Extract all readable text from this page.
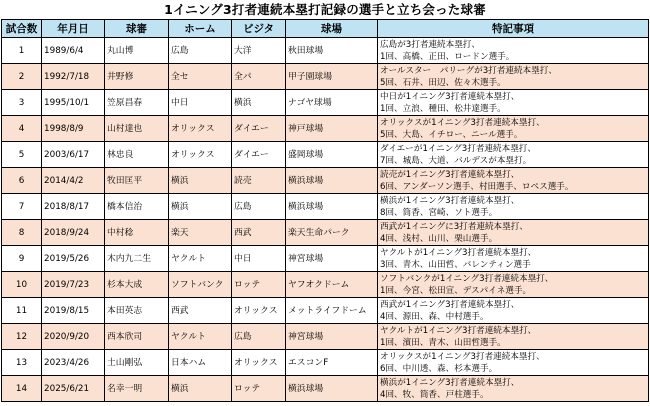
1イニング3打者連続本塁打記録の選手と立ち会った球審
試合数	年月日	球審	ホーム	ビジタ	球場	特記事項
1	1989/6/4	丸山博	広島	大洋	秋田球場	広島が3打者連続本塁打、
1回、高橋、正田、ロードン選手。

2	1992/7/18	井野修	全セ	全パ	甲子園球場	オールスター　パリーグが3打者連続本塁打、
5回、石井、田辺、佐々木選手。

3	1995/10/1	笠原昌春	中日	横浜	ナゴヤ球場	中日が1イニング3打者連続本塁打、
1回、立浪、種田、松井達選手。

4	1998/8/9	山村達也	オリックス	ダイエー	神戸球場	オリックスが1イニング3打者連続本塁打、
5回、大島、イチロー、ニール選手。

5	2003/6/17	林忠良	オリックス	ダイエー	盛岡球場	ダイエーが1イニング3打者連続本塁打、
7回、城島、大道、バルデスが本塁打。

6	2014/4/2	牧田匡平	横浜	読売	横浜球場	読売が1イニング3打者連続本塁打、
6回、アンダーソン選手、村田選手、ロペス選手。

7	2018/8/17	橋本信治	横浜	広島	横浜球場	横浜が1イニング3打者連続本塁打、
8回、筒香、宮崎、ソト選手。

8	2018/9/24	中村稔	楽天	西武	楽天生命パーク	西武が1イニングに3打者連続本塁打、
4回、浅村、山川、栗山選手。

9	2019/5/26	木内九二生	ヤクルト	中日	神宮球場	ヤクルトが1イニング3打者連続本塁打、
3回、青木、山田哲、バレンティン選手

10	2019/7/23	杉本大成	ソフトバンク	ロッテ	ヤフオクドーム	ソフトバンクが1イニング3打者連続本塁打、
1回、今宮、松田宣、デスパイネ選手。

11	2019/8/15	本田英志	西武	オリックス	メットライフドーム	西武が1イニング3打者連続本塁打、
4回、源田、森、中村選手。

12	2020/9/20	西本欣司	ヤクルト	広島	神宮球場	ヤクルトが1イニング3打者連続本塁打、
1回、濱田、青木、山田哲選手。

13	2023/4/26	土山剛弘	日本ハム	オリックス	エスコンF	オリックスが1イニング3打者連続本塁打、
6回、中川透、森、杉本選手。

14	2025/6/21	名幸一明	横浜	ロッテ	横浜球場	横浜が1イニング3打者連続本塁打、
4回、牧、筒香、戸柱選手。
